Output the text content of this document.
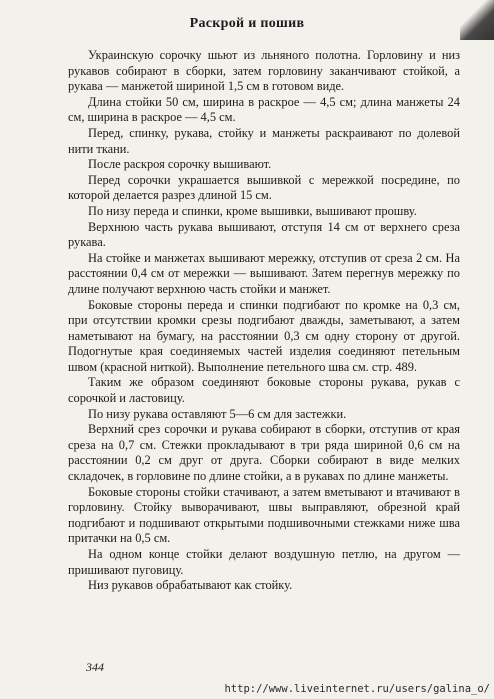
Раскрой и пошив

Украинскую сорочку шьют из льняного полотна. Горловину и низ рукавов собирают в сборки, затем горловину заканчивают стойкой, а рукава — манжетой шириной 1,5 см в готовом виде.

Длина стойки 50 см, ширина в раскрое — 4,5 см; длина манжеты 24 см, ширина в раскрое — 4,5 см.

Перед, спинку, рукава, стойку и манжеты раскраивают по долевой нити ткани.

После раскроя сорочку вышивают.

Перед сорочки украшается вышивкой с мережкой посредине, по которой делается разрез длиной 15 см.

По низу переда и спинки, кроме вышивки, вышивают прошву.

Верхнюю часть рукава вышивают, отступя 14 см от верхнего среза рукава.

На стойке и манжетах вышивают мережку, отступив от среза 2 см. На расстоянии 0,4 см от мережки — вышивают. Затем перегнув мережку по длине получают верхнюю часть стойки и манжет.

Боковые стороны переда и спинки подгибают по кромке на 0,3 см, при отсутствии кромки срезы подгибают дважды, заметывают, а затем наметывают на бумагу, на расстоянии 0,3 см одну сторону от другой. Подогнутые края соединяемых частей изделия соединяют петельным швом (красной ниткой). Выполнение петельного шва см. стр. 489.

Таким же образом соединяют боковые стороны рукава, рукав с сорочкой и ластовицу.

По низу рукава оставляют 5—6 см для застежки.

Верхний срез сорочки и рукава собирают в сборки, отступив от края среза на 0,7 см. Стежки прокладывают в три ряда шириной 0,6 см на расстоянии 0,2 см друг от друга. Сборки собирают в виде мелких складочек, в горловине по длине стойки, а в рукавах по длине манжеты.

Боковые стороны стойки стачивают, а затем вметывают и втачивают в горловину. Стойку выворачивают, швы выправляют, обрезной край подгибают и подшивают открытыми подшивочными стежками ниже шва притачки на 0,5 см.

На одном конце стойки делают воздушную петлю, на другом — пришивают пуговицу.

Низ рукавов обрабатывают как стойку.

344
http://www.liveinternet.ru/users/galina_o/
